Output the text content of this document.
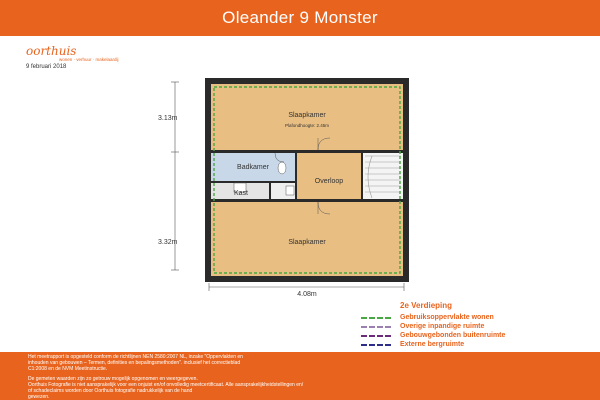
Oleander 9 Monster
oorthuis
wonen · verhuur · makelaardij
9 februari 2018
3.13m
3.32m
4.08m
Slaapkamer
Plafondhoogte: 2.45m
Badkamer
Kast
Overloop
Slaapkamer
2e Verdieping
Gebruiksoppervlakte wonen
Overige inpandige ruimte
Gebouwgebonden buitenruimte
Externe bergruimte
Het meetrapport is opgesteld conform de richtlijnen NEN 2580:2007 NL, inzake "Oppervlakten en
inhouden van gebouwen – Termen, definities en bepalingsmethoden". inclusief het correctieblad
C1:2008 en de NVM Meetinstructie.
De gemeten waarden zijn zo getrouw mogelijk opgenomen en weergegeven.
Oorthuis Fotografie is niet aansprakelijk voor een onjuist en/of onvolledig meetcertificaat. Alle aansprakelijkheidstellingen en/
of schadeclaims worden door Oorthuis fotografie nadrukkelijk van de hand
gewezen.
